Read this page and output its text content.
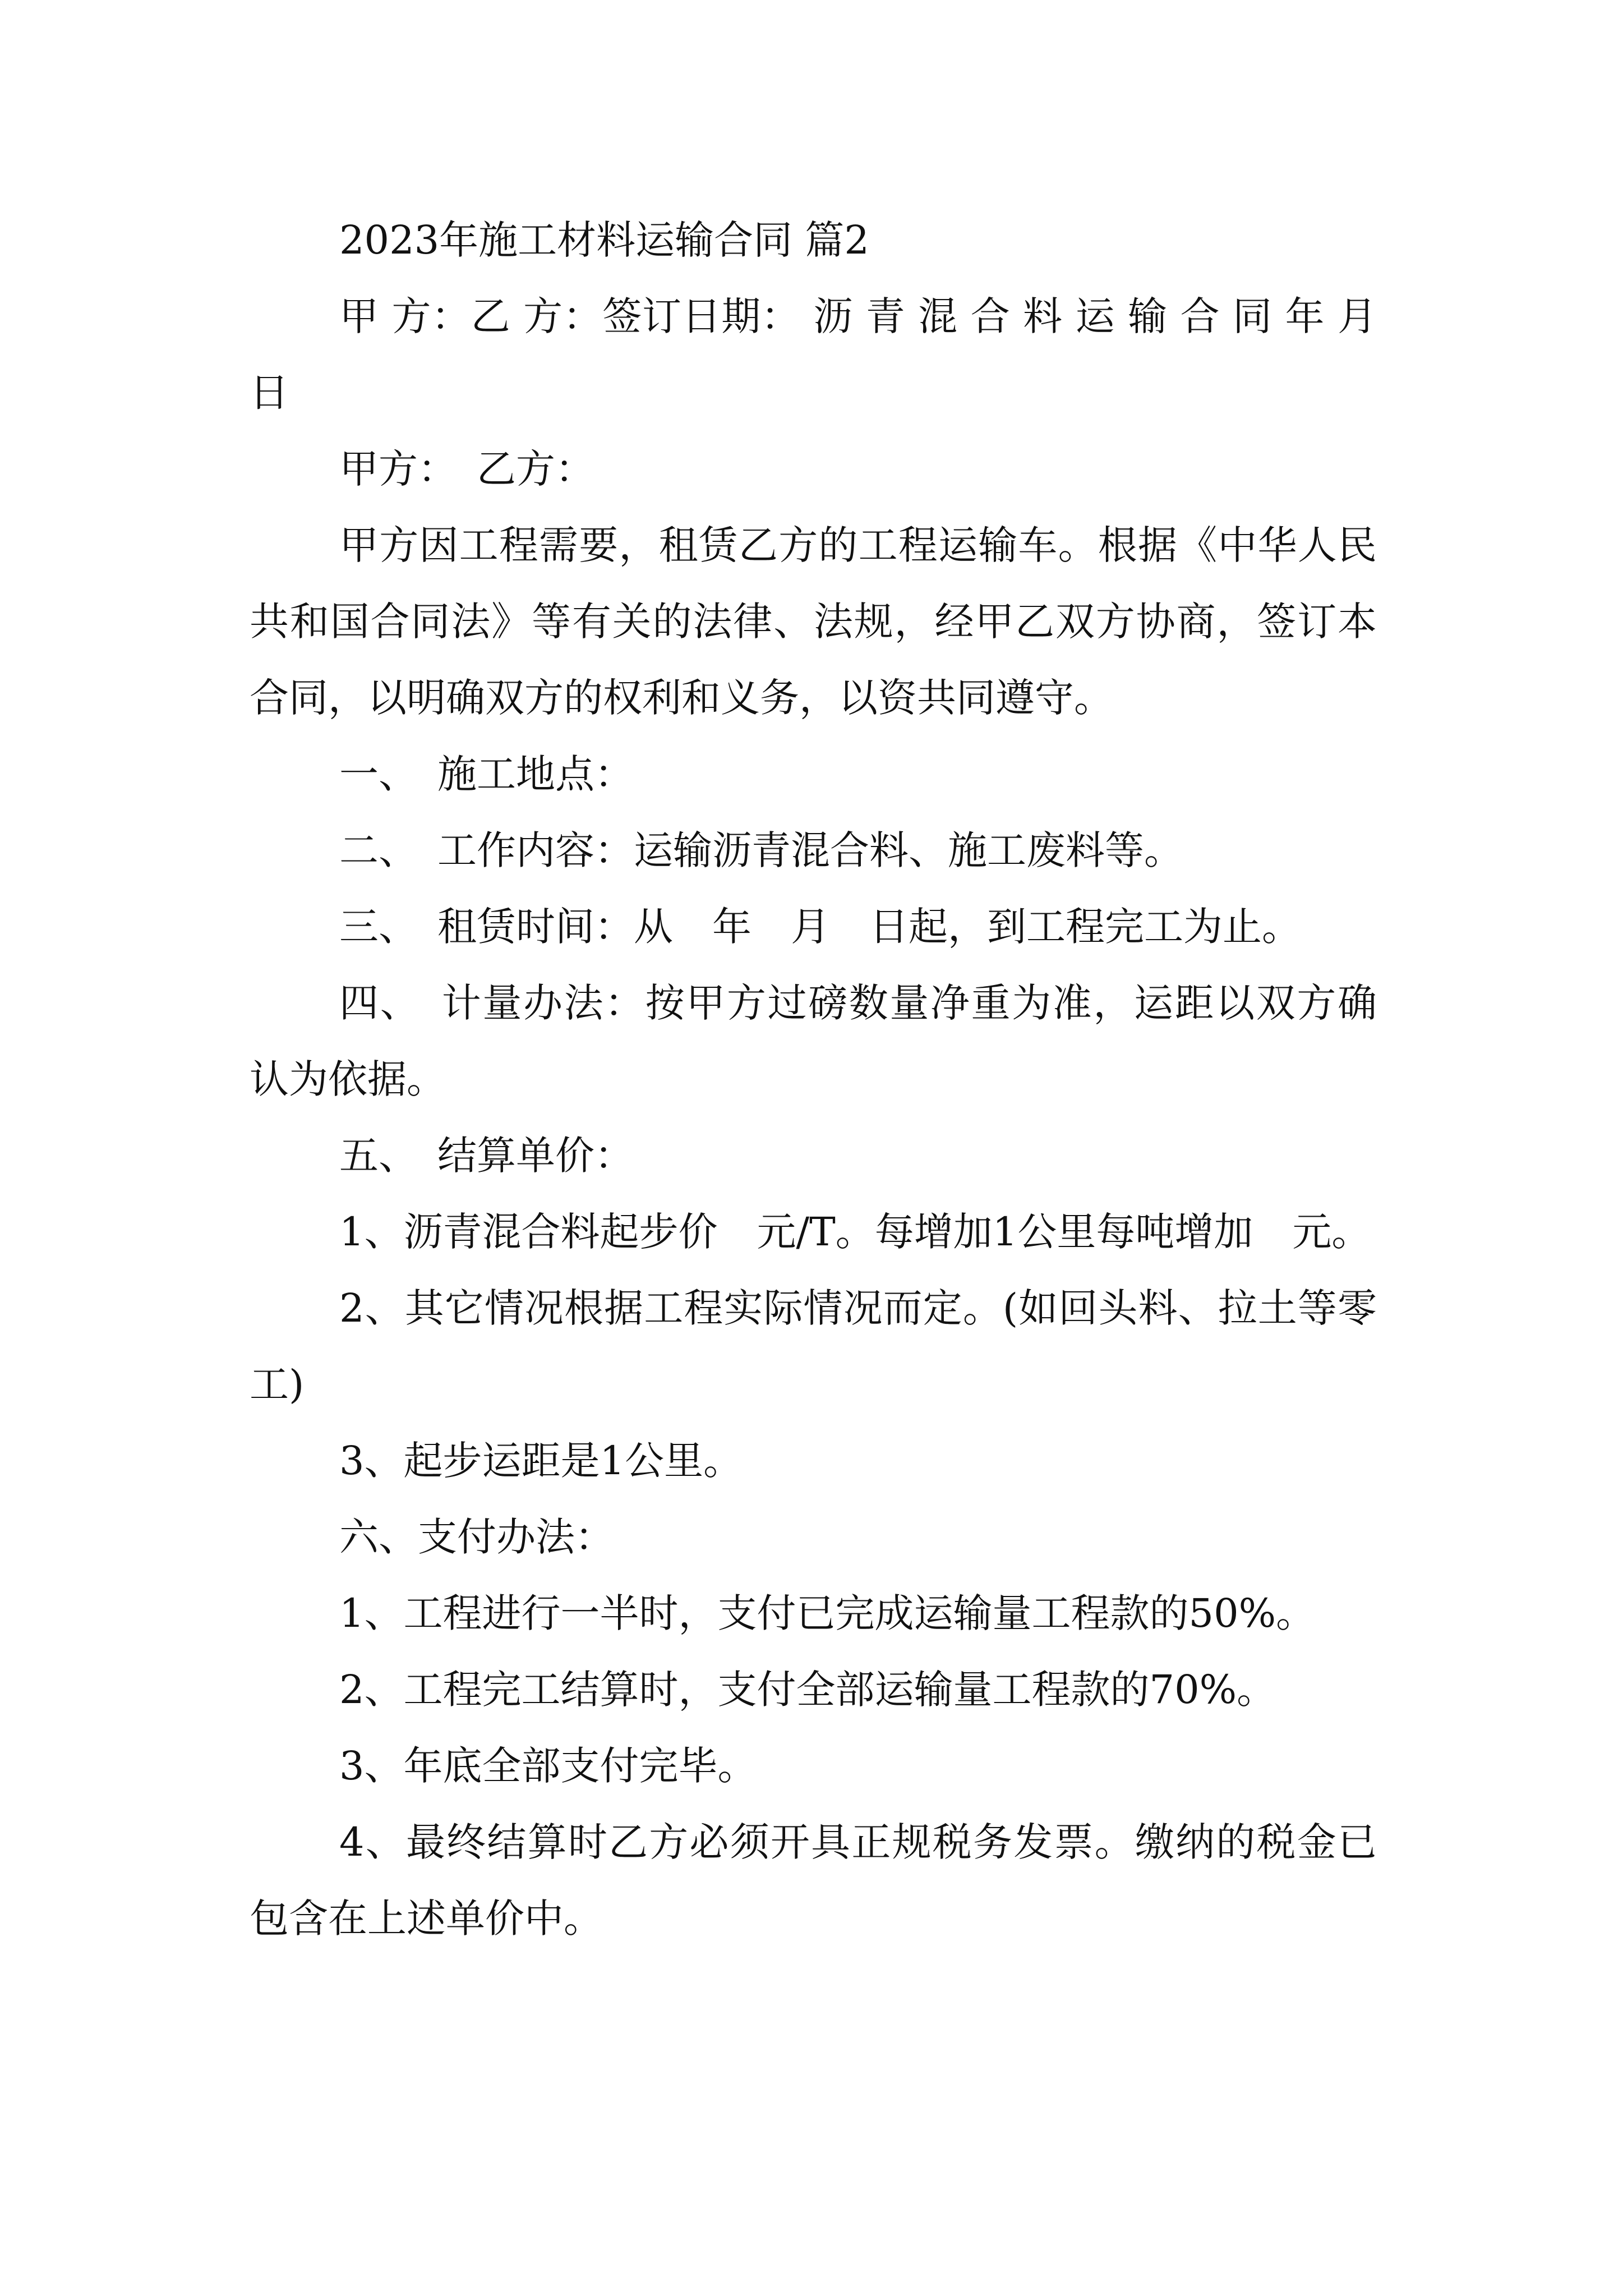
2023年施工材料运输合同 篇2

甲 方：乙 方：签订日期： 沥 青 混 合 料 运 输 合 同 年 月 日

甲方：　乙方：

甲方因工程需要，租赁乙方的工程运输车。根据《中华人民共和国合同法》等有关的法律、法规，经甲乙双方协商，签订本合同，以明确双方的权利和义务，以资共同遵守。

一、　施工地点：

二、　工作内容：运输沥青混合料、施工废料等。

三、　租赁时间：从　年　月　日起，到工程完工为止。

四、　计量办法：按甲方过磅数量净重为准，运距以双方确认为依据。

五、　结算单价：

1、沥青混合料起步价　元/T。每增加1公里每吨增加　元。

2、其它情况根据工程实际情况而定。(如回头料、拉土等零工)

3、起步运距是1公里。

六、支付办法：

1、工程进行一半时，支付已完成运输量工程款的50%。

2、工程完工结算时，支付全部运输量工程款的70%。

3、年底全部支付完毕。

4、最终结算时乙方必须开具正规税务发票。缴纳的税金已包含在上述单价中。
